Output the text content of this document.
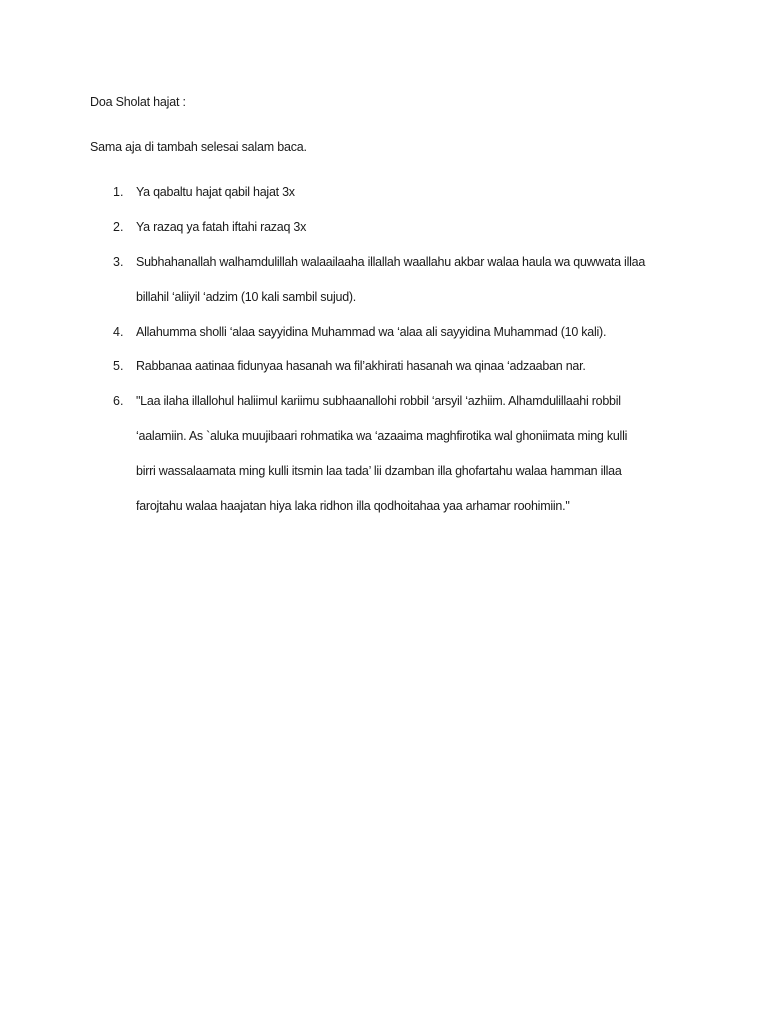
Doa Sholat hajat :
Sama aja di tambah selesai salam baca.
1. Ya qabaltu hajat qabil hajat 3x
2. Ya razaq ya fatah iftahi razaq 3x
3. Subhahanallah walhamdulillah walaailaaha illallah waallahu akbar walaa haula wa quwwata illaa
billahil ‘aliiyil ‘adzim (10 kali sambil sujud).
4. Allahumma sholli ‘alaa sayyidina Muhammad wa ‘alaa ali sayyidina Muhammad (10 kali).
5. Rabbanaa aatinaa fidunyaa hasanah wa fil’akhirati hasanah wa qinaa ‘adzaaban nar.
6. "Laa ilaha illallohul haliimul kariimu subhaanallohi robbil ‘arsyil ‘azhiim. Alhamdulillaahi robbil
‘aalamiin. As `aluka muujibaari rohmatika wa ‘azaaima maghfirotika wal ghoniimata ming kulli
birri wassalaamata ming kulli itsmin laa tada’ lii dzamban illa ghofartahu walaa hamman illaa
farojtahu walaa haajatan hiya laka ridhon illa qodhoitahaa yaa arhamar roohimiin."
